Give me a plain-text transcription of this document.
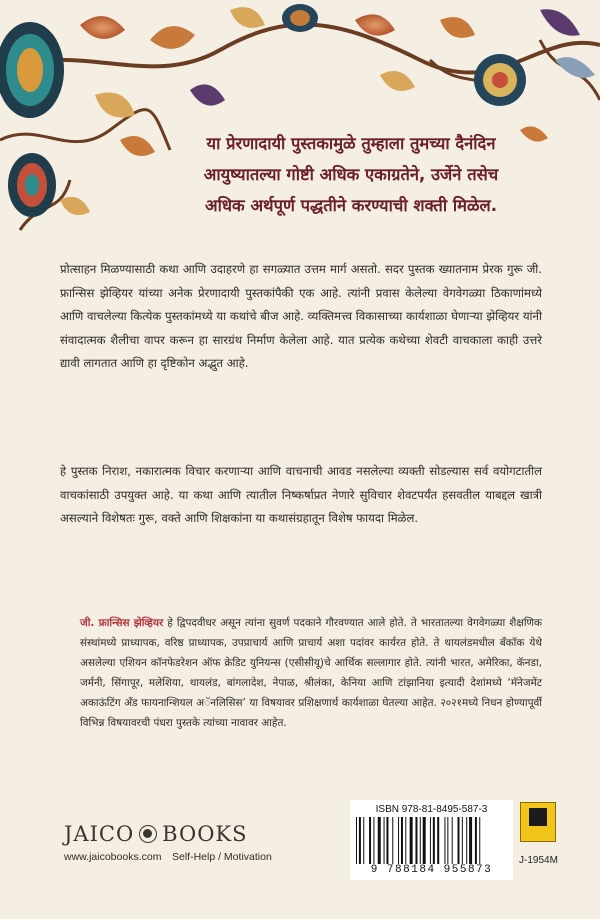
या प्रेरणादायी पुस्तकामुळे तुम्हाला तुमच्या दैनंदिन
आयुष्यातल्या गोष्टी अधिक एकाग्रतेने, उर्जेने तसेच
अधिक अर्थपूर्ण पद्धतीने करण्याची शक्ती मिळेल.
प्रोत्साहन मिळण्यासाठी कथा आणि उदाहरणे हा सगळ्यात उत्तम मार्ग असतो. सदर पुस्तक ख्यातनाम प्रेरक गुरू जी. फ्रान्सिस झेव्हियर यांच्या अनेक प्रेरणादायी पुस्तकांपैकी एक आहे. त्यांनी प्रवास केलेल्या वेगवेगळ्या ठिकाणांमध्ये आणि वाचलेल्या कित्येक पुस्तकांमध्ये या कथांचे बीज आहे. व्यक्तिमत्त्व विकासाच्या कार्यशाळा घेणाऱ्या झेव्हियर यांनी संवादात्मक शैलीचा वापर करून हा सारग्रंथ निर्माण केलेला आहे. यात प्रत्येक कथेच्या शेवटी वाचकाला काही उत्तरे द्यावी लागतात आणि हा दृष्टिकोन अद्भुत आहे.
हे पुस्तक निराश, नकारात्मक विचार करणाऱ्या आणि वाचनाची आवड नसलेल्या व्यक्ती सोडल्यास सर्व वयोगटातील वाचकांसाठी उपयुक्त आहे. या कथा आणि त्यातील निष्कर्षाप्रत नेणारे सुविचार शेवटपर्यंत हसवतील याबद्दल खात्री असल्याने विशेषतः गुरू, वक्ते आणि शिक्षकांना या कथासंग्रहातून विशेष फायदा मिळेल.
जी. फ्रान्सिस झेव्हियर हे द्विपदवीधर असून त्यांना सुवर्ण पदकाने गौरवण्यात आले होते. ते भारतातल्या वेगवेगळ्या शैक्षणिक संस्थांमध्ये प्राध्यापक, वरिष्ठ प्राध्यापक, उपप्राचार्य आणि प्राचार्य अशा पदांवर कार्यरत होते. ते थायलंडमधील बँकॉक येथे असलेल्या एशियन कॉनफेडरेशन ऑफ क्रेडिट युनियन्स (एसीसीयू)चे आर्थिक सल्लागार होते. त्यांनी भारत, अमेरिका, कॅनडा, जर्मनी, सिंगापूर, मलेशिया, थायलंड, बांगलादेश, नेपाळ, श्रीलंका, केनिया आणि टांझानिया इत्यादी देशांमध्ये ‘मॅनेजमेंट अकाऊंटिंग अँड फायनान्शियल अॅनलिसिस’ या विषयावर प्रशिक्षणार्थ कार्यशाळा घेतल्या आहेत. २०२१मध्ये निधन होण्यापूर्वी विभिन्न विषयावरची पंधरा पुस्तके त्यांच्या नावावर आहेत.
JAICO BOOKS
www.jaicobooks.com Self-Help / Motivation
ISBN 978-81-8495-587-3
9 788184 955873
J-1954M
